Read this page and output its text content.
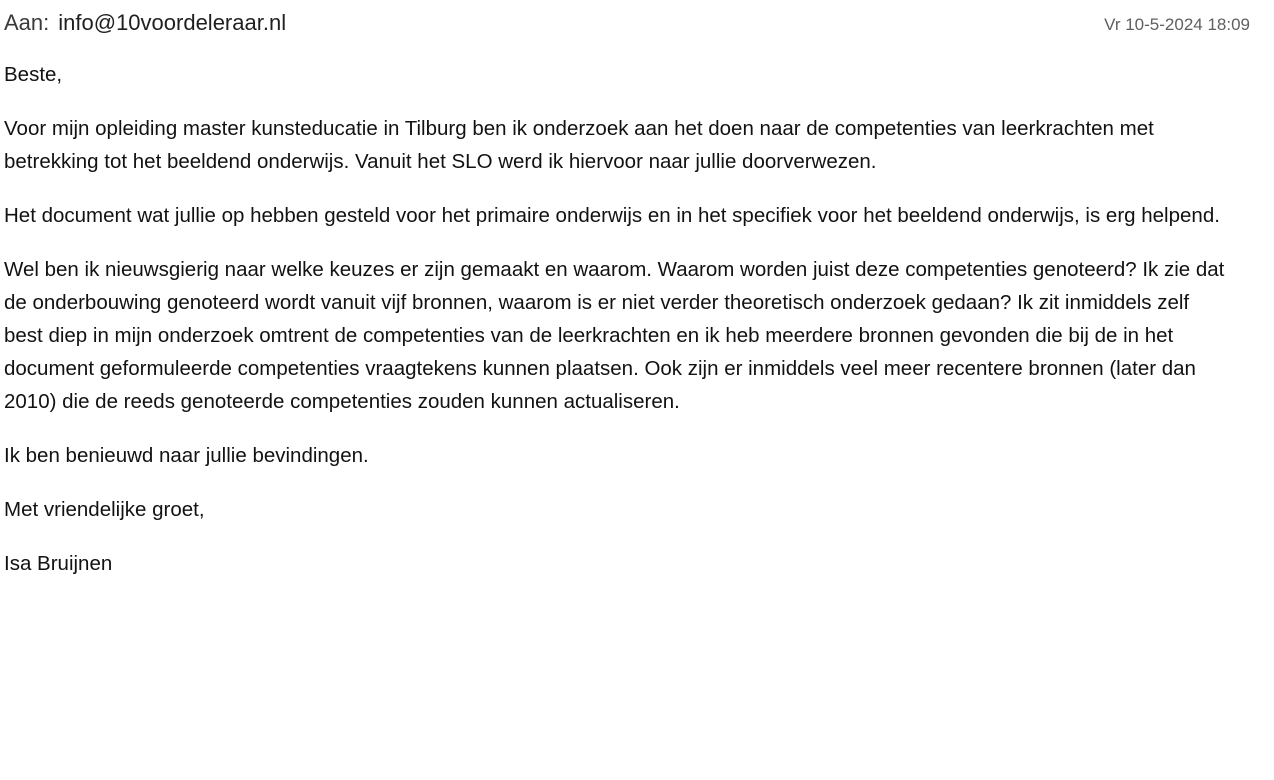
Aan: info@10voordeleraar.nl	Vr 10-5-2024 18:09

Beste,

Voor mijn opleiding master kunsteducatie in Tilburg ben ik onderzoek aan het doen naar de competenties van leerkrachten met betrekking tot het beeldend onderwijs. Vanuit het SLO werd ik hiervoor naar jullie doorverwezen.

Het document wat jullie op hebben gesteld voor het primaire onderwijs en in het specifiek voor het beeldend onderwijs, is erg helpend.

Wel ben ik nieuwsgierig naar welke keuzes er zijn gemaakt en waarom. Waarom worden juist deze competenties genoteerd? Ik zie dat de onderbouwing genoteerd wordt vanuit vijf bronnen, waarom is er niet verder theoretisch onderzoek gedaan? Ik zit inmiddels zelf best diep in mijn onderzoek omtrent de competenties van de leerkrachten en ik heb meerdere bronnen gevonden die bij de in het document geformuleerde competenties vraagtekens kunnen plaatsen. Ook zijn er inmiddels veel meer recentere bronnen (later dan 2010) die de reeds genoteerde competenties zouden kunnen actualiseren.

Ik ben benieuwd naar jullie bevindingen.

Met vriendelijke groet,

Isa Bruijnen
